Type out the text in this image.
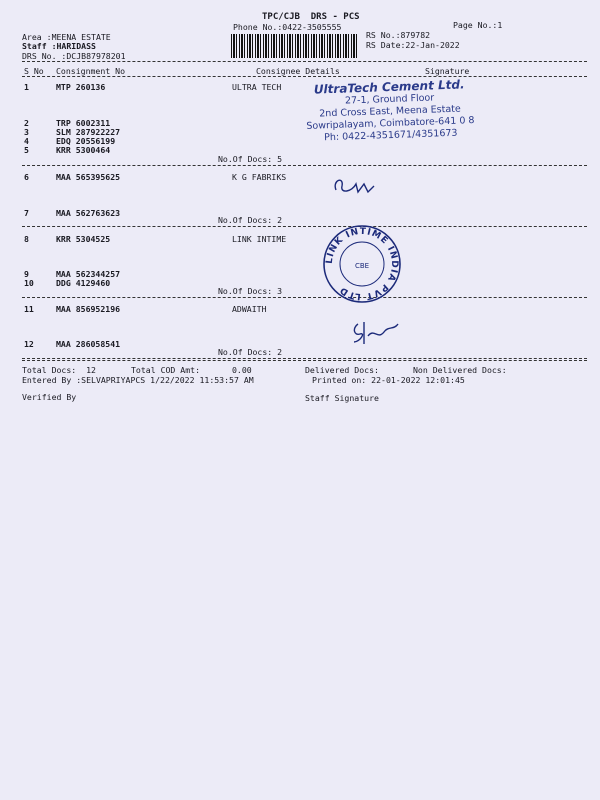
TPC/CJB  DRS - PCS
Phone No.:0422-3505555	Page No.:1
Area :MEENA ESTATE
Staff :HARIDASS
DRS No. :DCJB87978201
RS No.:879782
RS Date:22-Jan-2022
S No Consignment No	Consignee Details	Signature
1	MTP 260136	ULTRA TECH
2	TRP 6002311
3	SLM 287922227
4	EDQ 20556199
5	KRR 5300464
No.Of Docs: 5
UltraTech Cement Ltd.
27-1, Ground Floor
2nd Cross East, Meena Estate
Sowripalayam, Coimbatore-641 0 8
Ph: 0422-4351671/4351673
6	MAA 565395625	K G FABRIKS
7	MAA 562763623
No.Of Docs: 2
8	KRR 5304525	LINK INTIME
9	MAA 562344257
10	DDG 4129460
No.Of Docs: 3
LINK INTIME INDIA PVT LTD
CBE
11	MAA 856952196	ADWAITH
12	MAA 286058541
No.Of Docs: 2
Total Docs:  12	Total COD Amt:	0.00	Delivered Docs:	Non Delivered Docs:
Entered By :SELVAPRIYAPCS 1/22/2022 11:53:57 AM	Printed on: 22-01-2022 12:01:45
Verified By	Staff Signature
